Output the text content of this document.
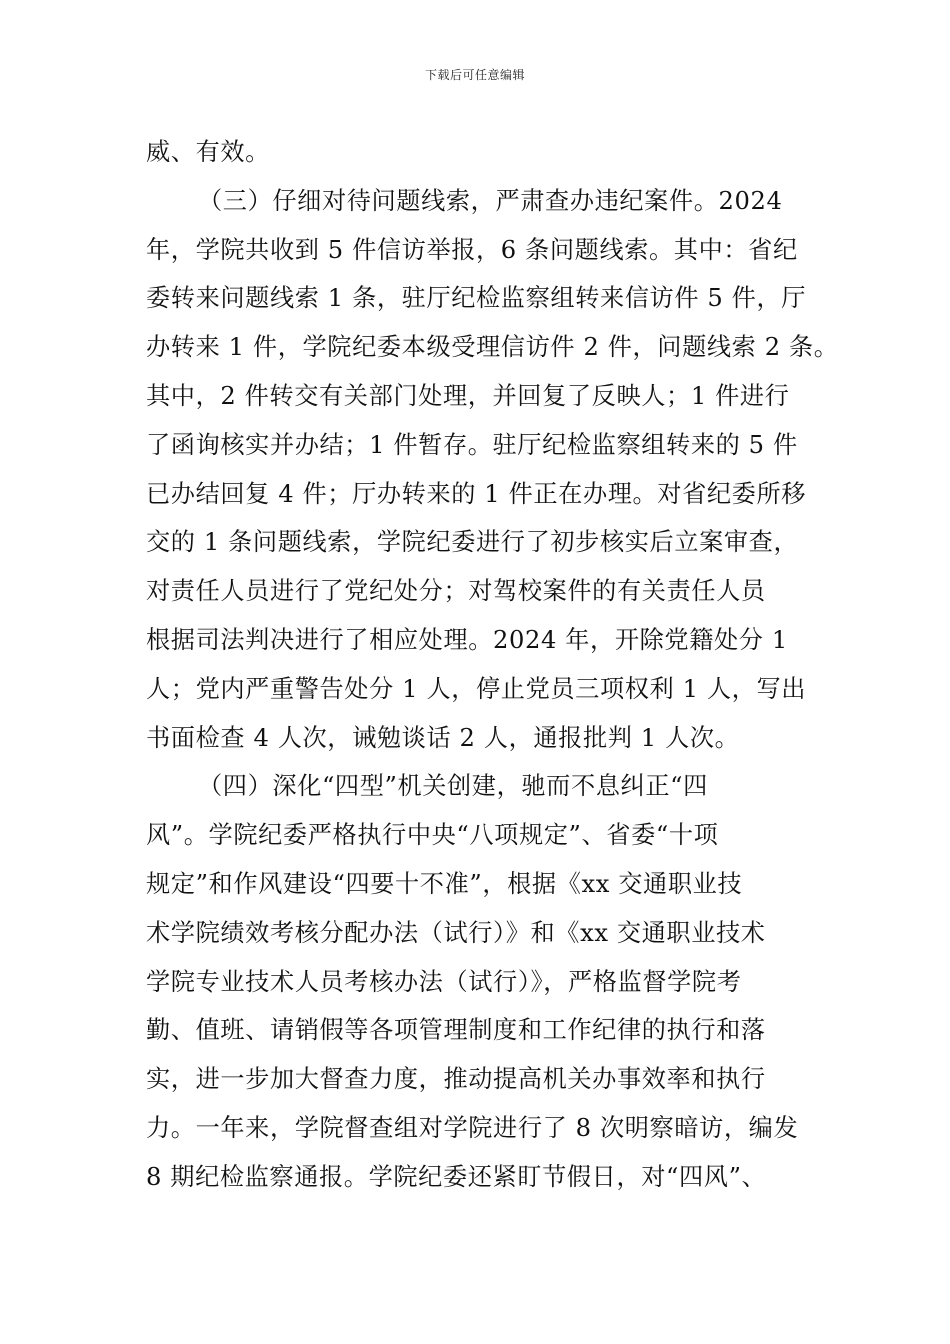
下载后可任意编辑
威、有效。
（三）仔细对待问题线索，严肃查办违纪案件。2024
年，学院共收到 5 件信访举报，6 条问题线索。其中：省纪
委转来问题线索 1 条，驻厅纪检监察组转来信访件 5 件，厅
办转来 1 件，学院纪委本级受理信访件 2 件，问题线索 2 条。
其中，2 件转交有关部门处理，并回复了反映人；1 件进行
了函询核实并办结；1 件暂存。驻厅纪检监察组转来的 5 件
已办结回复 4 件；厅办转来的 1 件正在办理。对省纪委所移
交的 1 条问题线索，学院纪委进行了初步核实后立案审查，
对责任人员进行了党纪处分；对驾校案件的有关责任人员
根据司法判决进行了相应处理。2024 年，开除党籍处分 1
人；党内严重警告处分 1 人，停止党员三项权利 1 人，写出
书面检查 4 人次，诫勉谈话 2 人，通报批判 1 人次。
（四）深化“四型”机关创建，驰而不息纠正“四
风”。学院纪委严格执行中央“八项规定”、省委“十项
规定”和作风建设“四要十不准”，根据《xx 交通职业技
术学院绩效考核分配办法（试行）》和《xx 交通职业技术
学院专业技术人员考核办法（试行）》，严格监督学院考
勤、值班、请销假等各项管理制度和工作纪律的执行和落
实，进一步加大督查力度，推动提高机关办事效率和执行
力。一年来，学院督查组对学院进行了 8 次明察暗访，编发
8 期纪检监察通报。学院纪委还紧盯节假日，对“四风”、
